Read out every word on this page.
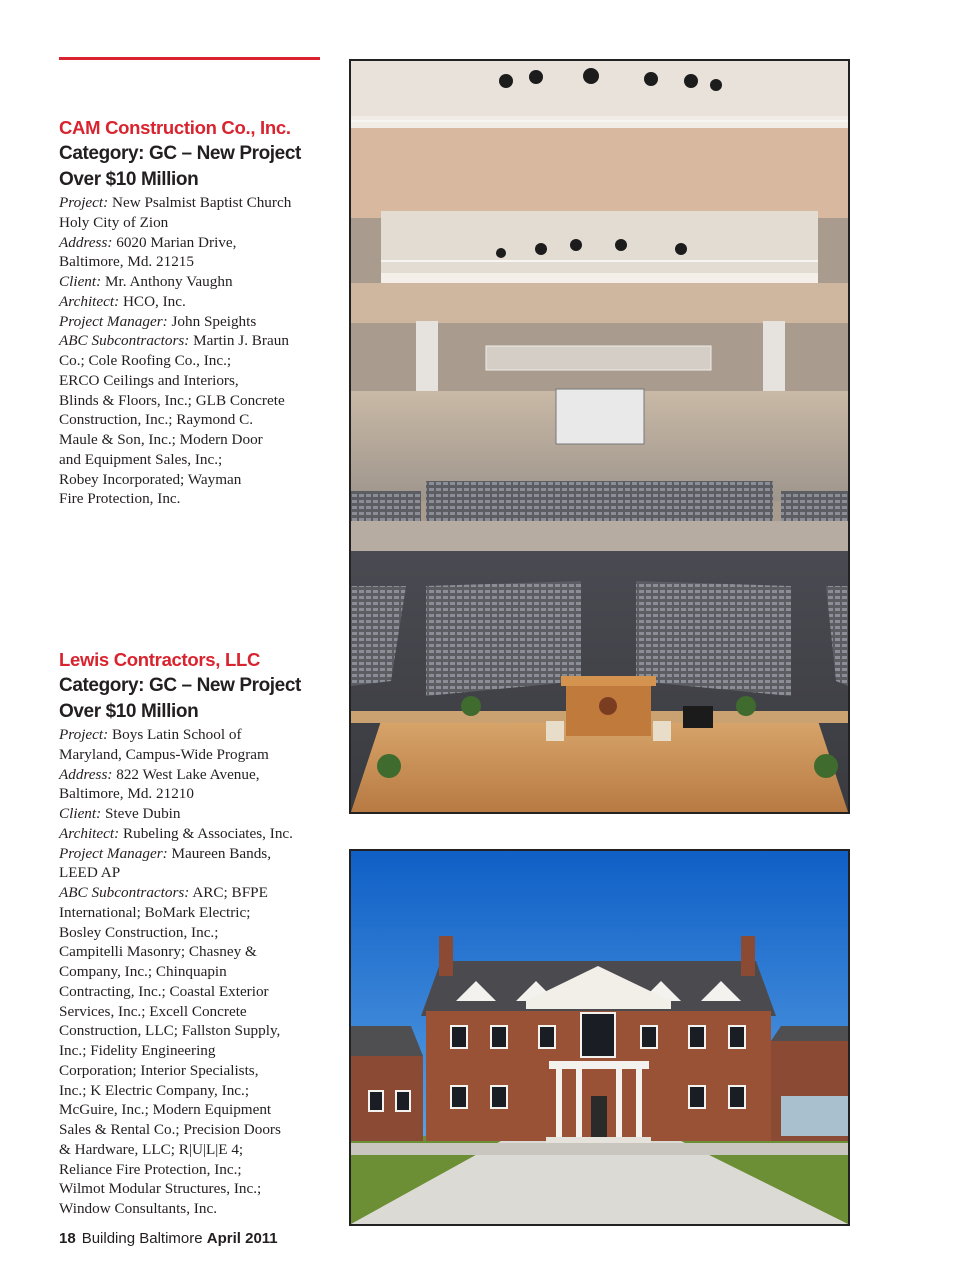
CAM Construction Co., Inc.

Category: GC – New Project
Over $10 Million

Project: New Psalmist Baptist Church

Holy City of Zion

Address: 6020 Marian Drive,

Baltimore, Md. 21215

Client: Mr. Anthony Vaughn

Architect: HCO, Inc.

Project Manager: John Speights

ABC Subcontractors: Martin J. Braun

Co.; Cole Roofing Co., Inc.;

ERCO Ceilings and Interiors,

Blinds & Floors, Inc.; GLB Concrete

Construction, Inc.; Raymond C.

Maule & Son, Inc.; Modern Door

and Equipment Sales, Inc.;

Robey Incorporated; Wayman

Fire Protection, Inc.

Lewis Contractors, LLC

Category: GC – New Project
Over $10 Million

Project: Boys Latin School of

Maryland, Campus-Wide Program

Address: 822 West Lake Avenue,

Baltimore, Md. 21210

Client: Steve Dubin

Architect: Rubeling & Associates, Inc.

Project Manager: Maureen Bands,

LEED AP

ABC Subcontractors: ARC; BFPE

International; BoMark Electric;

Bosley Construction, Inc.;

Campitelli Masonry; Chasney &

Company, Inc.; Chinquapin

Contracting, Inc.; Coastal Exterior

Services, Inc.; Excell Concrete

Construction, LLC; Fallston Supply,

Inc.; Fidelity Engineering

Corporation; Interior Specialists,

Inc.; K Electric Company, Inc.;

McGuire, Inc.; Modern Equipment

Sales & Rental Co.; Precision Doors

& Hardware, LLC; R|U|L|E 4;

Reliance Fire Protection, Inc.;

Wilmot Modular Structures, Inc.;

Window Consultants, Inc.

18 Building Baltimore April 2011
